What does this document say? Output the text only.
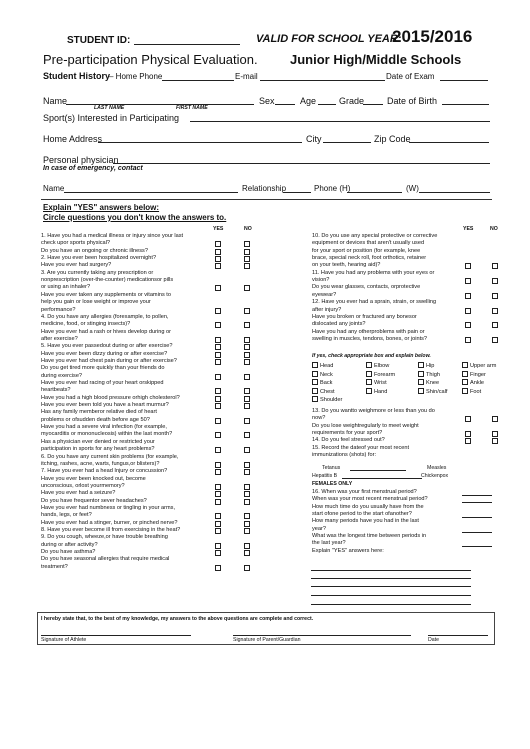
STUDENT ID:	VALID FOR SCHOOL YEAR:
2015/2016
Pre-participation Physical Evaluation. Junior High/Middle Schools
Student History
– Home Phone	E-mail	Date of Exam
Name
LAST NAME	FIRST NAME
Sex	Age	Grade	Date of Birth
Sport(s) Interested in Participating
Home Address	City	Zip Code
Personal physician
In case of emergency, contact
Name	Relationship	Phone (H)	(W)
Explain "YES" answers below:
Circle questions you don't know the answers to.
YES	NO	YES	NO
1. Have you had a medical illness or injury since your last
check upor sports physical?
Do you have an ongoing or chronic illness?
2. Have you ever been hospitalized overnight?
Have you ever had surgery?
3. Are you currently taking any prescription or
nonprescription (over-the-counter) medicationsor pills
or using an inhaler?
Have you ever taken any supplements or vitamins to
help you gain or lose weight or improve your
performance?
4. Do you have any allergies (forexample, to pollen,
medicine, food, or stinging insects)?
Have you ever had a rash or hives develop during or
after exercise?
5. Have you ever passedout during or after exercise?
Have you ever been dizzy during or after exercise?
Have you ever had chest pain during or after exercise?
Do you get tired more quickly than your friends do
during exercise?
Have you ever had racing of your heart orskipped
heartbeats?
Have you had a high blood pressure orhigh cholesterol?
Have you ever been told you have a heart murmur?
Has any family memberor relative died of heart
problems or ofsudden death before age 50?
Have you had a severe viral infection (for example,
myocarditis or mononucleosis) within the last month?
Has a physician ever denied or restricted your
participation in sports for any heart problems?
6. Do you have any current skin problems (for example,
itching, rashes, acne, warts, fungus,or blisters)?
7. Have you ever had a head Injury or concussion?
Have you ever been knocked out, become
unconscious, orlost yourmemory?
Have you ever had a seizure?
Do you have frequentor sever headaches?
Have you ever had numbness or tingling in your arms,
hands, legs, or feet?
Have you ever had a stinger, burner, or pinched nerve?
8. Have you ever become ill from exercising in the heat?
9. Do you cough, wheeze,or have trouble breathing
during or after activity?
Do you have asthma?
Do you have seasonal allergies that require medical
treatment?
10. Do you use any special protective or corrective
equipment or devices that aren't usually used
for your sport or position (for example, knee
brace, special neck roll, foot orthotics, retainer
on your teeth, hearing aid)?
11. Have you had any problems with your eyes or
vision?
Do you wear glasses, contacts, orprotective
eyewear?
12. Have you ever had a sprain, strain, or swelling
after injury?
Have you broken or fractured any bonesor
dislocated any joints?
Have you had any otherproblems with pain or
swelling in muscles, tendons, bones, or joints?
If yes, check appropriate box and explain below.
Head	Elbow	Hip	Upper arm
Neck	Forearm	Thigh	Finger
Back	Wrist	Knee	Ankle
Chest	Hand	Shin/calf	Foot
Shoulder
13. Do you wantto weighmore or less than you do
now?
Do you lose weightregularly to meet weight
requirements for your sport?
14. Do you feel stressed out?
15. Record the dateof your most recent
immunizations (shots) for:
Tetanus	Measles
Hepatitis B	Chickenpox
FEMALES ONLY
16. When was your first menstrual period?
When was your most recent menstrual period?
How much time do you usually have from the
start ofone period to the start ofanother?
How many periods have you had in the last
year?
What was the longest time between periods in
the last year?
Explain "YES" answers here:
I hereby state that, to the best of my knowledge, my answers to the above questions are complete and correct.
Signature of Athlete	Signature of Parent/Guardian	Date
